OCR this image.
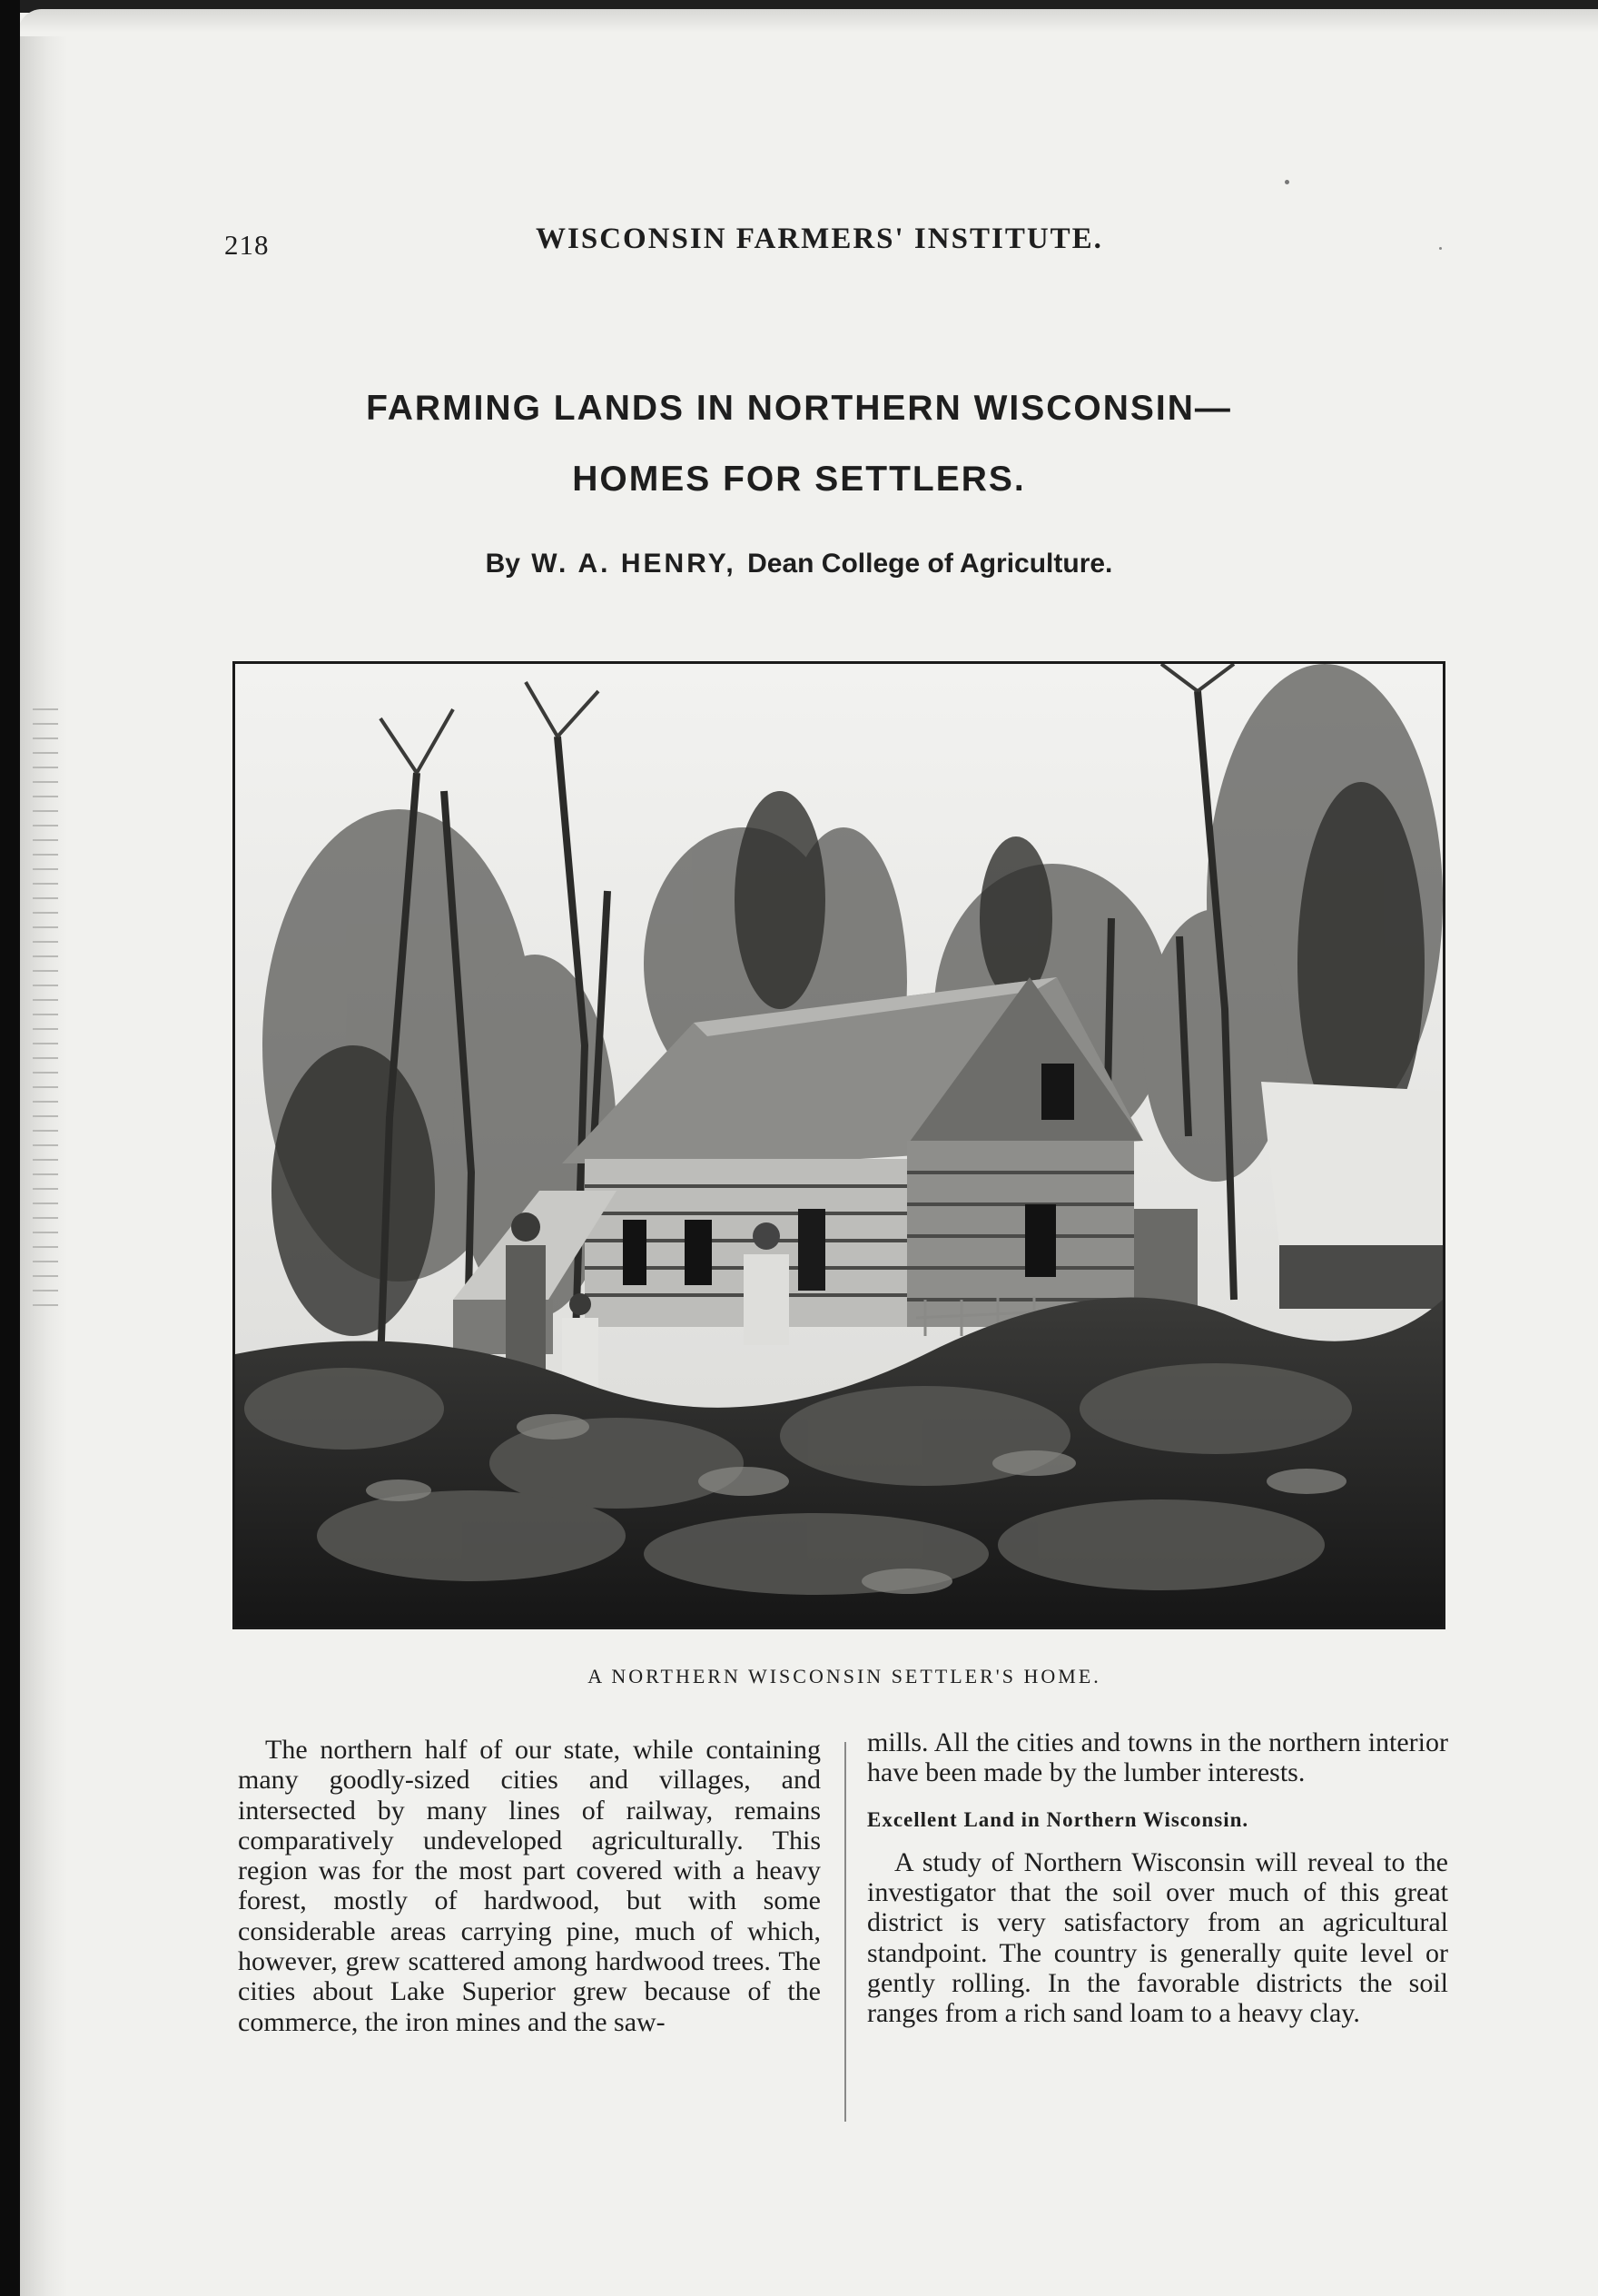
218	WISCONSIN FARMERS' INSTITUTE.
FARMING LANDS IN NORTHERN WISCONSIN—
HOMES FOR SETTLERS.
By W. A. HENRY, Dean College of Agriculture.
A NORTHERN WISCONSIN SETTLER'S HOME.

The northern half of our state, while containing many goodly-sized cities and villages, and intersected by many lines of railway, remains comparatively undeveloped agriculturally. This region was for the most part covered with a heavy forest, mostly of hardwood, but with some considerable areas carrying pine, much of which, however, grew scattered among hardwood trees. The cities about Lake Superior grew because of the commerce, the iron mines and the saw-

mills. All the cities and towns in the northern interior have been made by the lumber interests.

Excellent Land in Northern Wisconsin.

A study of Northern Wisconsin will reveal to the investigator that the soil over much of this great district is very satisfactory from an agricultural standpoint. The country is generally quite level or gently rolling. In the favorable districts the soil ranges from a rich sand loam to a heavy clay.
